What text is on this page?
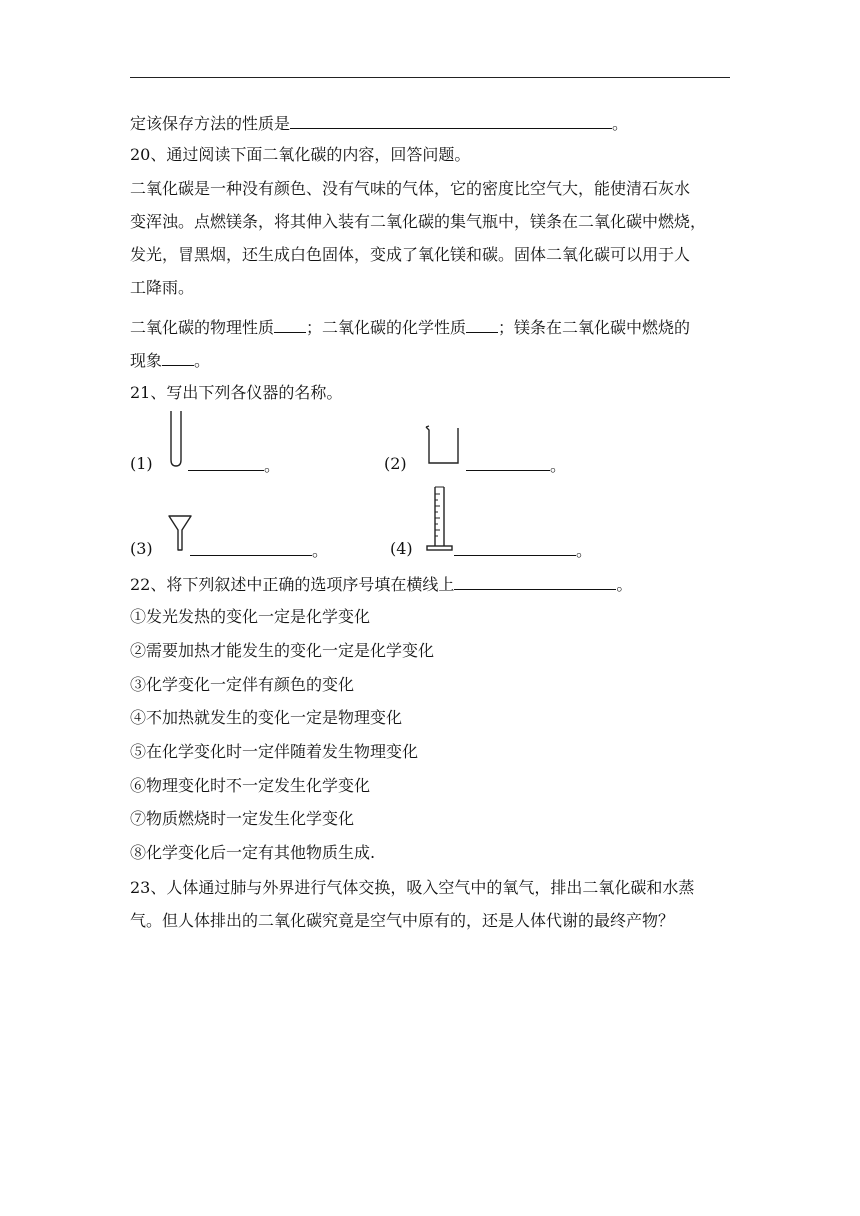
定该保存方法的性质是	。
20、通过阅读下面二氧化碳的内容，回答问题。
二氧化碳是一种没有颜色、没有气味的气体，它的密度比空气大，能使清石灰水
变浑浊。点燃镁条，将其伸入装有二氧化碳的集气瓶中，镁条在二氧化碳中燃烧，
发光，冒黑烟，还生成白色固体，变成了氧化镁和碳。固体二氧化碳可以用于人
工降雨。
二氧化碳的物理性质 ；二氧化碳的化学性质 ；镁条在二氧化碳中燃烧的
现象 。
21、写出下列各仪器的名称。
(1)	。	(2)	。
(3)	。	(4)	。
22、将下列叙述中正确的选项序号填在横线上	。
①发光发热的变化一定是化学变化
②需要加热才能发生的变化一定是化学变化
③化学变化一定伴有颜色的变化
④不加热就发生的变化一定是物理变化
⑤在化学变化时一定伴随着发生物理变化
⑥物理变化时不一定发生化学变化
⑦物质燃烧时一定发生化学变化
⑧化学变化后一定有其他物质生成.
23、人体通过肺与外界进行气体交换，吸入空气中的氧气，排出二氧化碳和水蒸
气。但人体排出的二氧化碳究竟是空气中原有的，还是人体代谢的最终产物？
